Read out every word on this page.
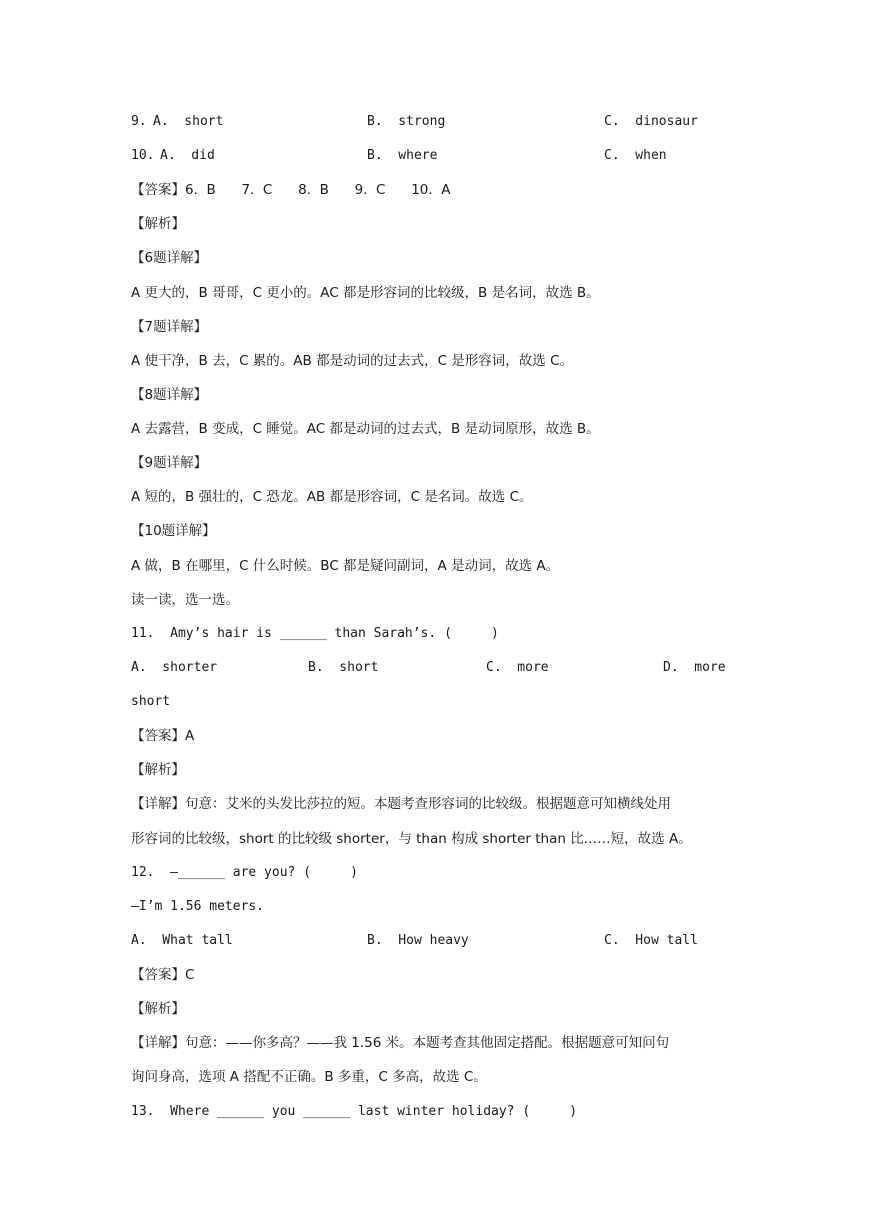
9. A.  short	B.  strong	C.  dinosaur
10. A.  did	B.  where	C.  when
【答案】6.  B      7.  C      8.  B      9.  C      10.  A
【解析】
【6题详解】
A 更大的，B 哥哥，C 更小的。AC 都是形容词的比较级，B 是名词，故选 B。
【7题详解】
A 使干净，B 去，C 累的。AB 都是动词的过去式，C 是形容词，故选 C。
【8题详解】
A 去露营，B 变成，C 睡觉。AC 都是动词的过去式，B 是动词原形，故选 B。
【9题详解】
A 短的，B 强壮的，C 恐龙。AB 都是形容词，C 是名词。故选 C。
【10题详解】
A 做，B 在哪里，C 什么时候。BC 都是疑问副词，A 是动词，故选 A。
读一读，选一选。
11.  Amy’s hair is ______ than Sarah’s. (     )
A.  shorter	B.  short	C.  more	D.  more
short
【答案】A
【解析】
【详解】句意：艾米的头发比莎拉的短。本题考查形容词的比较级。根据题意可知横线处用
形容词的比较级，short 的比较级 shorter，与 than 构成 shorter than 比……短，故选 A。
12.  —______ are you? (     )
—I’m 1.56 meters.
A.  What tall	B.  How heavy	C.  How tall
【答案】C
【解析】
【详解】句意：——你多高？——我 1.56 米。本题考查其他固定搭配。根据题意可知问句
询问身高，选项 A 搭配不正确。B 多重，C 多高，故选 C。
13.  Where ______ you ______ last winter holiday? (     )
